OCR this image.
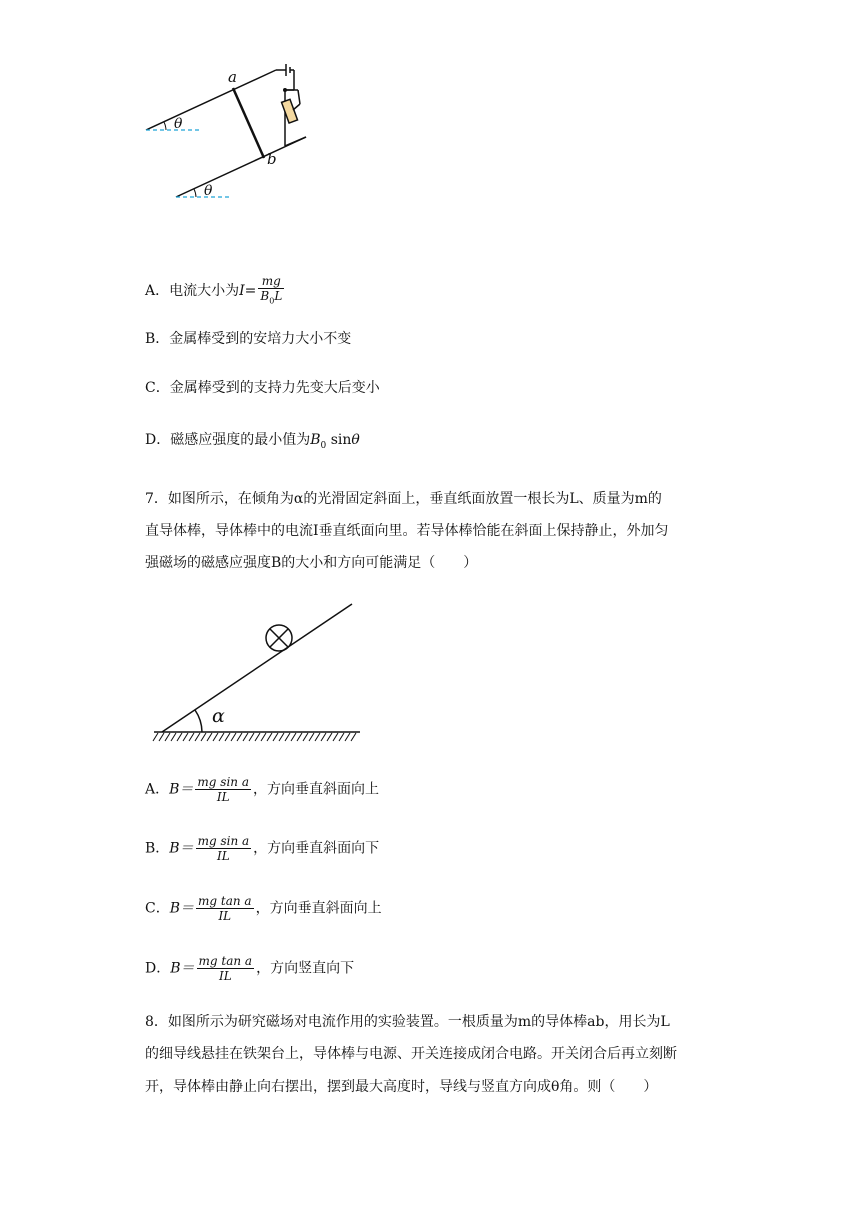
a
b
θ
θ
A．电流大小为$I= \frac{mg}{B_0L}$
B．金属棒受到的安培力大小不变
C．金属棒受到的支持力先变大后变小
D．磁感应强度的最小值为$B_0$ sinθ
7．如图所示，在倾角为α的光滑固定斜面上，垂直纸面放置一根长为L、质量为m的
直导体棒，导体棒中的电流I垂直纸面向里。若导体棒恰能在斜面上保持静止，外加匀
强磁场的磁感应强度B的大小和方向可能满足（　　）
α
A．$B= \frac{\text{mg sin a}}{IL}$ ，方向垂直斜面向上
B．$B= \frac{\text{mg sin a}}{IL}$ ，方向垂直斜面向下
C．$B= \frac{\text{mg tan a}}{IL}$ ，方向垂直斜面向上
D．$B= \frac{\text{mg tan a}}{IL}$ ，方向竖直向下
8．如图所示为研究磁场对电流作用的实验装置。一根质量为m的导体棒ab，用长为L
的细导线悬挂在铁架台上，导体棒与电源、开关连接成闭合电路。开关闭合后再立刻断
开，导体棒由静止向右摆出，摆到最大高度时，导线与竖直方向成θ角。则（　　）
